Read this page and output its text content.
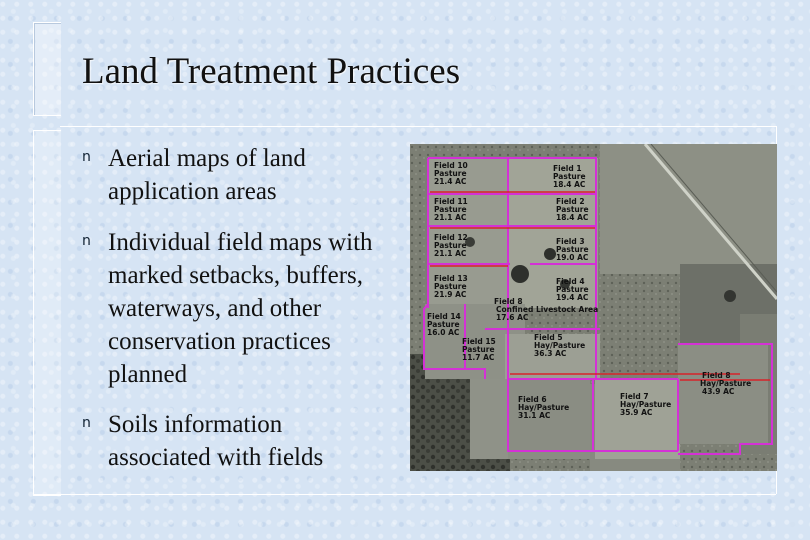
Land Treatment Practices
n Aerial maps of land
application areas
n Individual field maps with
marked setbacks, buffers,
waterways, and other
conservation practices
planned
n Soils information
associated with fields
Field 10
Pasture
21.4 AC
Field 1
Pasture
18.4 AC
Field 11
Pasture
21.1 AC
Field 2
Pasture
18.4 AC
Field 12
Pasture
21.1 AC
Field 3
Pasture
19.0 AC
Field 13
Pasture
21.9 AC
Field 4
Pasture
19.4 AC
Field 8
Confined Livestock Area
17.6 AC
Field 14
Pasture
16.0 AC
Field 15
Pasture
11.7 AC
Field 5
Hay/Pasture
36.3 AC
Field 8
Hay/Pasture
43.9 AC
Field 6
Hay/Pasture
31.1 AC
Field 7
Hay/Pasture
35.9 AC
